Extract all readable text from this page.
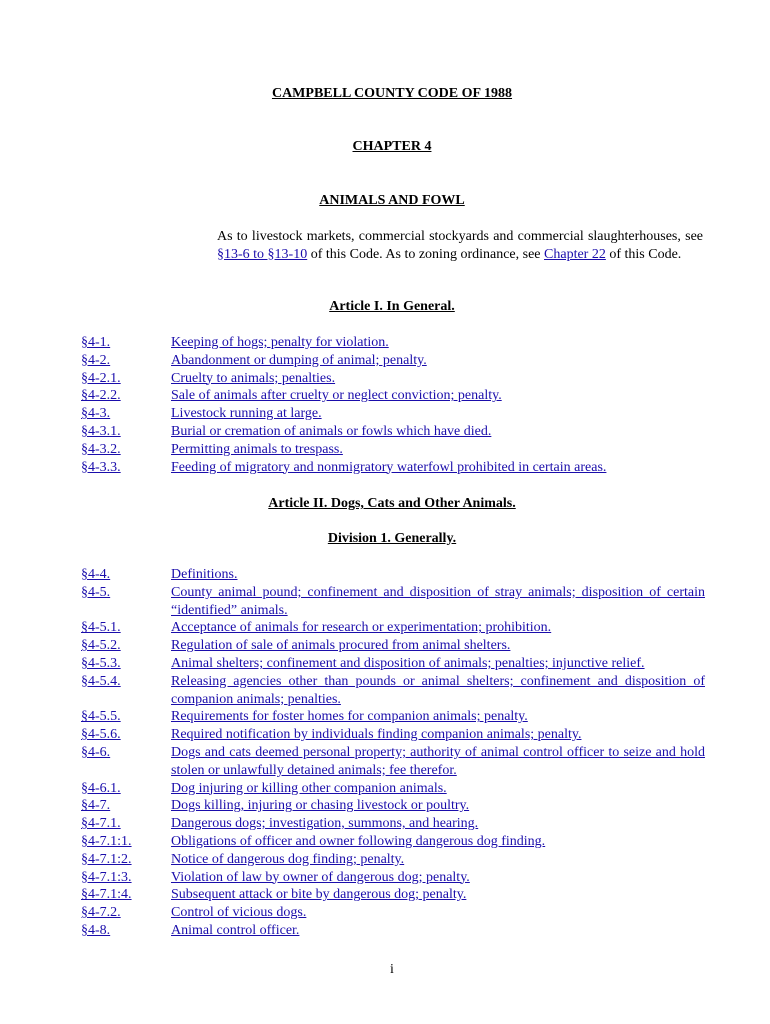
CAMPBELL COUNTY CODE OF 1988
CHAPTER 4
ANIMALS AND FOWL
As to livestock markets, commercial stockyards and commercial slaughterhouses, see §13-6 to §13-10 of this Code. As to zoning ordinance, see Chapter 22 of this Code.
Article I. In General.
§4-1.	Keeping of hogs; penalty for violation.
§4-2.	Abandonment or dumping of animal; penalty.
§4-2.1.	Cruelty to animals; penalties.
§4-2.2.	Sale of animals after cruelty or neglect conviction; penalty.
§4-3.	Livestock running at large.
§4-3.1.	Burial or cremation of animals or fowls which have died.
§4-3.2.	Permitting animals to trespass.
§4-3.3.	Feeding of migratory and nonmigratory waterfowl prohibited in certain areas.
Article II. Dogs, Cats and Other Animals.
Division 1. Generally.
§4-4.	Definitions.
§4-5.	County animal pound; confinement and disposition of stray animals; disposition of certain “identified” animals.
§4-5.1.	Acceptance of animals for research or experimentation; prohibition.
§4-5.2.	Regulation of sale of animals procured from animal shelters.
§4-5.3.	Animal shelters; confinement and disposition of animals; penalties; injunctive relief.
§4-5.4.	Releasing agencies other than pounds or animal shelters; confinement and disposition of companion animals; penalties.
§4-5.5.	Requirements for foster homes for companion animals; penalty.
§4-5.6.	Required notification by individuals finding companion animals; penalty.
§4-6.	Dogs and cats deemed personal property; authority of animal control officer to seize and hold stolen or unlawfully detained animals; fee therefor.
§4-6.1.	Dog injuring or killing other companion animals.
§4-7.	Dogs killing, injuring or chasing livestock or poultry.
§4-7.1.	Dangerous dogs; investigation, summons, and hearing.
§4-7.1:1.	Obligations of officer and owner following dangerous dog finding.
§4-7.1:2.	Notice of dangerous dog finding; penalty.
§4-7.1:3.	Violation of law by owner of dangerous dog; penalty.
§4-7.1:4.	Subsequent attack or bite by dangerous dog; penalty.
§4-7.2.	Control of vicious dogs.
§4-8.	Animal control officer.
i
